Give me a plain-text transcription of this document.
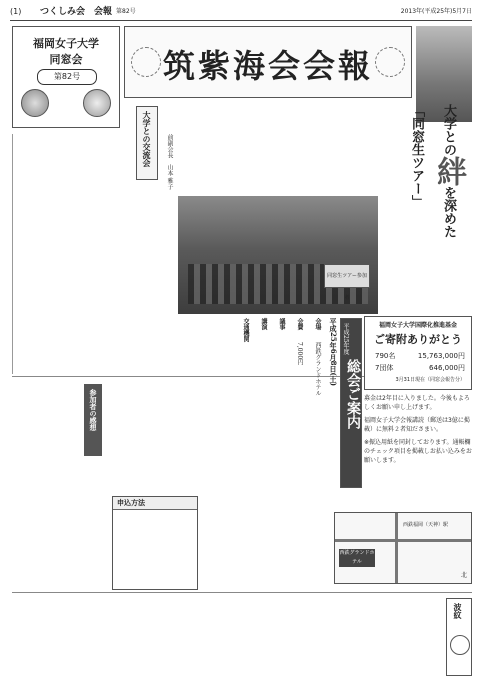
(1) つくしみ会　会報 第82号	2013年(平成25年)5月7日
福岡女子大学
同窓会
第82号	筑紫海会会報
大学との絆を深めた
「同窓生ツアー」
大学との交流会	前副会長　山本 雅子
同窓生ツアー参加者
福岡女子大学国際化推進基金
ご寄附ありがとう
790名	15,763,000円
7団体	646,000円
3月31日現在（同窓会報告分）
募金は2年目に入りました。今後もよろしくお願い申し上げます。
福岡女子大学会報講読（郵送は3億に掲載）に無料２者知ださまい。
※振込用紙を同封しております。通帳欄のチェック項目を掲載しお払い込みをお願いします。
平成25年度
総会ご案内
平成25年6月8日(土)
会場
西鉄グランドホテル
会費
7,000円
議事
講演
交通機関
西鉄グランドホテル
西鉄福岡（天神）駅
北
参加者の感想
申込方法
波紋
